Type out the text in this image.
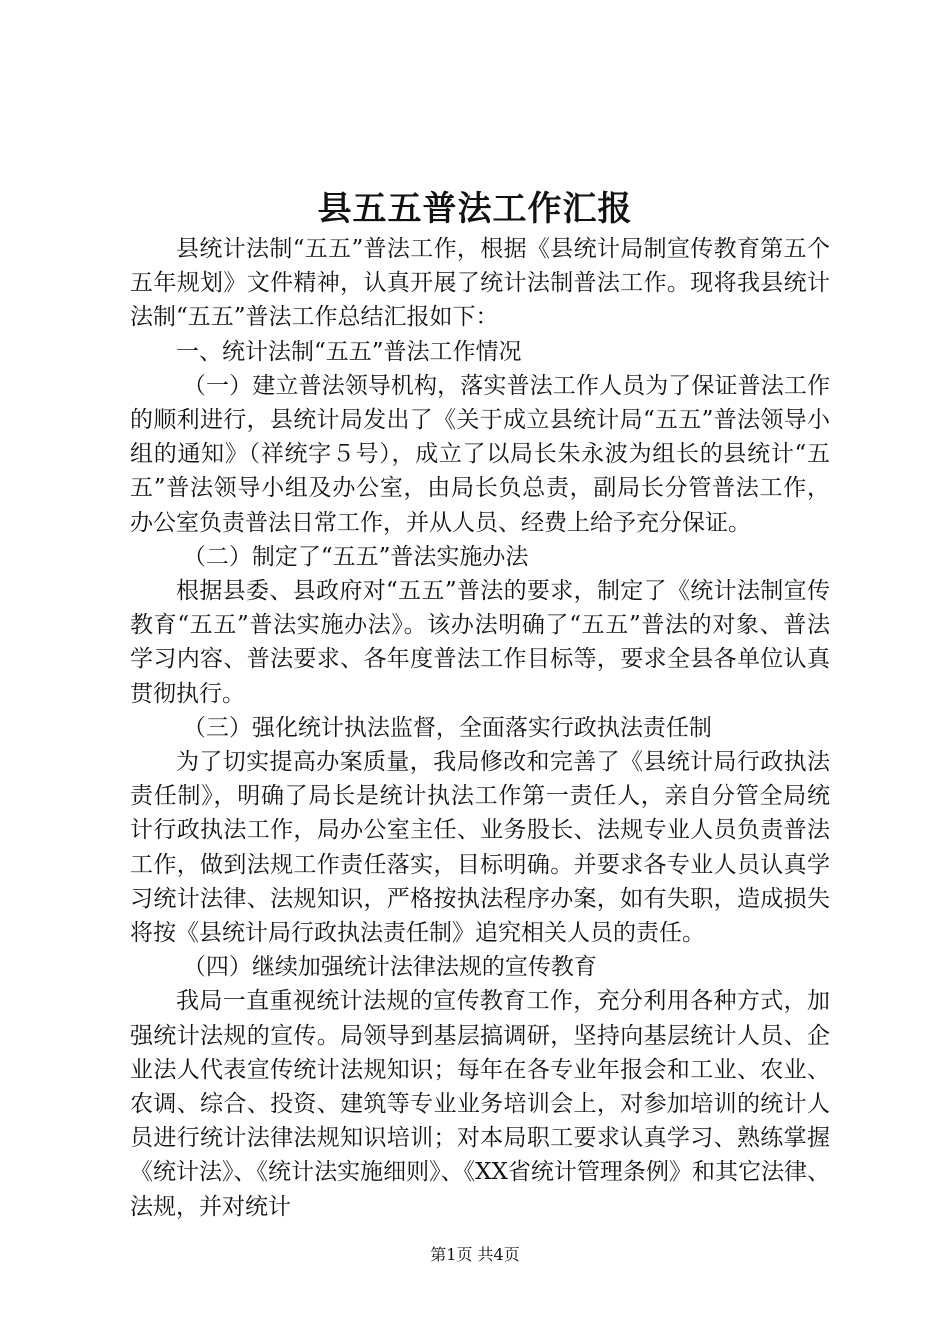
县五五普法工作汇报

县统计法制“五五”普法工作，根据《县统计局制宣传教育第五个五年规划》文件精神，认真开展了统计法制普法工作。现将我县统计法制“五五”普法工作总结汇报如下：

一、统计法制“五五”普法工作情况

（一）建立普法领导机构，落实普法工作人员为了保证普法工作的顺利进行，县统计局发出了《关于成立县统计局“五五”普法领导小组的通知》（祥统字５号），成立了以局长朱永波为组长的县统计“五五”普法领导小组及办公室，由局长负总责，副局长分管普法工作，办公室负责普法日常工作，并从人员、经费上给予充分保证。

（二）制定了“五五”普法实施办法

根据县委、县政府对“五五”普法的要求，制定了《统计法制宣传教育“五五”普法实施办法》。该办法明确了“五五”普法的对象、普法学习内容、普法要求、各年度普法工作目标等，要求全县各单位认真贯彻执行。

（三）强化统计执法监督，全面落实行政执法责任制

为了切实提高办案质量，我局修改和完善了《县统计局行政执法责任制》，明确了局长是统计执法工作第一责任人，亲自分管全局统计行政执法工作，局办公室主任、业务股长、法规专业人员负责普法工作，做到法规工作责任落实，目标明确。并要求各专业人员认真学习统计法律、法规知识，严格按执法程序办案，如有失职，造成损失将按《县统计局行政执法责任制》追究相关人员的责任。

（四）继续加强统计法律法规的宣传教育

我局一直重视统计法规的宣传教育工作，充分利用各种方式，加强统计法规的宣传。局领导到基层搞调研，坚持向基层统计人员、企业法人代表宣传统计法规知识；每年在各专业年报会和工业、农业、农调、综合、投资、建筑等专业业务培训会上，对参加培训的统计人员进行统计法律法规知识培训；对本局职工要求认真学习、熟练掌握《统计法》、《统计法实施细则》、《XX省统计管理条例》和其它法律、法规，并对统计

第1页 共4页
